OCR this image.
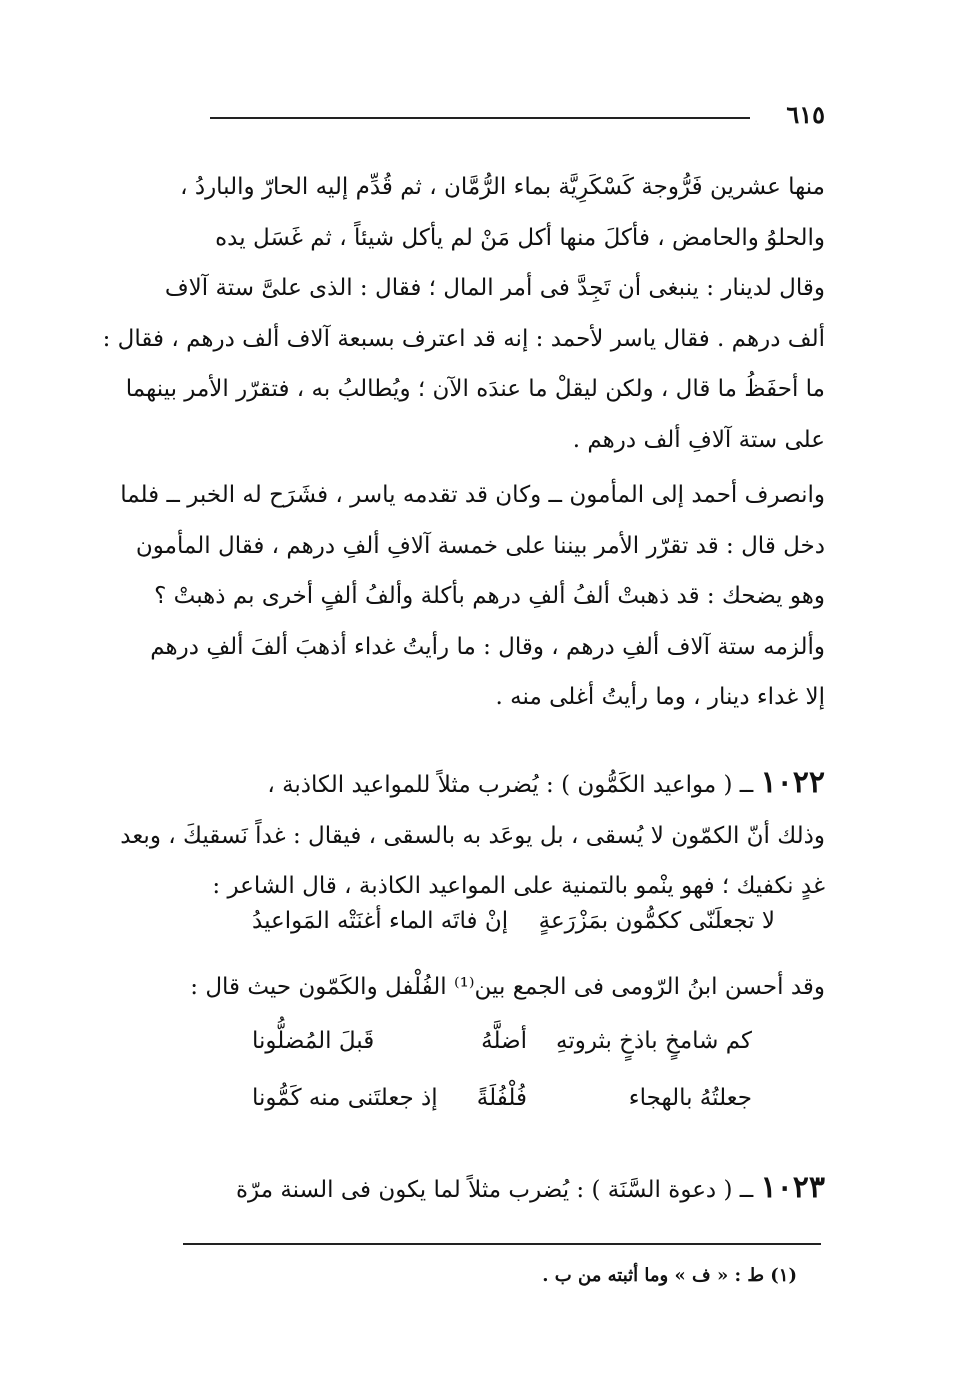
٦١٥
منها عشرين فَرُّوجة كَسْكَرِيَّة بماء الرُّمَّان ، ثم قُدِّم إليه الحارّ والباردُ ،
والحلوُ والحامض ، فأكلَ منها أكل مَنْ لم يأكل شيئاً ، ثم غَسَل يده
وقال لدينار : ينبغى أن تَجِدَّ فى أمر المال ؛ فقال : الذى علىَّ ستة آلاف
ألف درهم . فقال ياسر لأحمد : إنه قد اعترف بسبعة آلاف ألف درهم ، فقال :
ما أحفَظُ ما قال ، ولكن ليقلْ ما عندَه الآن ؛ ويُطالبُ به ، فتقرّر الأمر بينهما
على ستة آلافِ ألف درهم .
وانصرف أحمد إلى المأمون ــ وكان قد تقدمه ياسر ، فشَرَح له الخبر ــ فلما
دخل قال : قد تقرّر الأمر بيننا على خمسة آلافِ ألفِ درهم ، فقال المأمون
وهو يضحك : قد ذهبتْ ألفُ ألفِ درهم بأكلة وألفُ ألفٍ أخرى بم ذهبتْ ؟
وألزمه ستة آلاف ألفِ درهم ، وقال : ما رأيتُ غداء أذهبَ ألفَ ألفِ درهم
إلا غداء دينار ، وما رأيتُ أغلى منه .
١٠٢٢ ــ ( مواعيد الكَمُّون ) : يُضرب مثلاً للمواعيد الكاذبة ،
وذلك أنّ الكمّون لا يُسقى ، بل يوعَد به بالسقى ، فيقال : غداً نَسقيكَ ، وبعد
غدٍ نكفيك ؛ فهو ينْمو بالتمنية على المواعيد الكاذبة ، قال الشاعر :
وقد أحسن ابنُ الرّومى فى الجمع بين⁽¹⁾ الفُلْفل والكَمّون حيث قال :
لا تجعلَنّى ككمُّون بمَزْرَعةٍ
إنْ فاتَه الماء أغنَتْه المَواعيدُ
كم شامخٍ باذخٍ بثروتهِ
أضلَّهُ
قَبلَ المُضلُّونا
جعلتُهُ بالهجاء
فُلْفُلَةً
إذ جعلتَنى منه كَمُّونا
١٠٢٣ ــ ( دعوة السَّنَة ) : يُضرب مثلاً لما يكون فى السنة مرّة
(١) ط : « ف » وما أثبته من ب .
